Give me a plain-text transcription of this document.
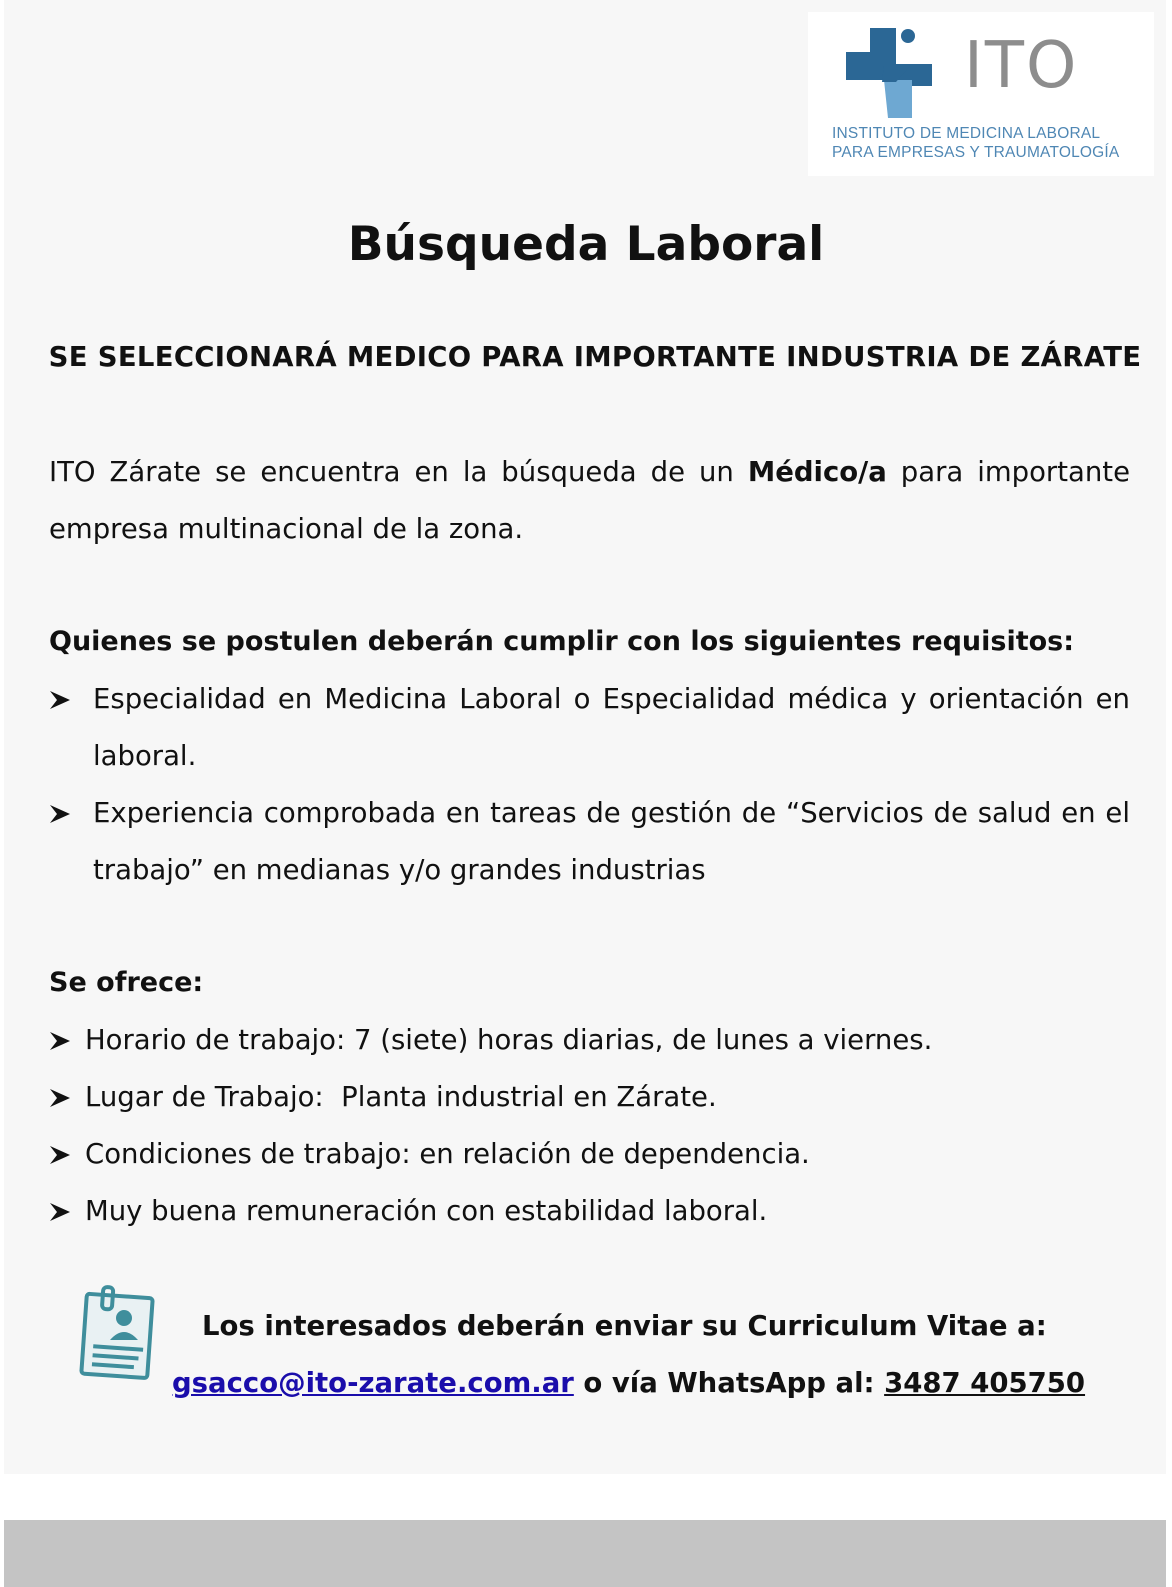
ITO
INSTITUTO DE MEDICINA LABORAL
PARA EMPRESAS Y TRAUMATOLOGÍA
Búsqueda Laboral
SE SELECCIONARÁ MEDICO PARA IMPORTANTE INDUSTRIA DE ZÁRATE
ITO Zárate se encuentra en la búsqueda de un Médico/a para importante empresa multinacional de la zona.
Quienes se postulen deberán cumplir con los siguientes requisitos:
Especialidad en Medicina Laboral o Especialidad médica y orientación en laboral.
Experiencia comprobada en tareas de gestión de “Servicios de salud en el trabajo” en medianas y/o grandes industrias
Se ofrece:
Horario de trabajo: 7 (siete) horas diarias, de lunes a viernes.
Lugar de Trabajo:  Planta industrial en Zárate.
Condiciones de trabajo: en relación de dependencia.
Muy buena remuneración con estabilidad laboral.
Los interesados deberán enviar su Curriculum Vitae a:
gsacco@ito-zarate.com.ar o vía WhatsApp al: 3487 405750
